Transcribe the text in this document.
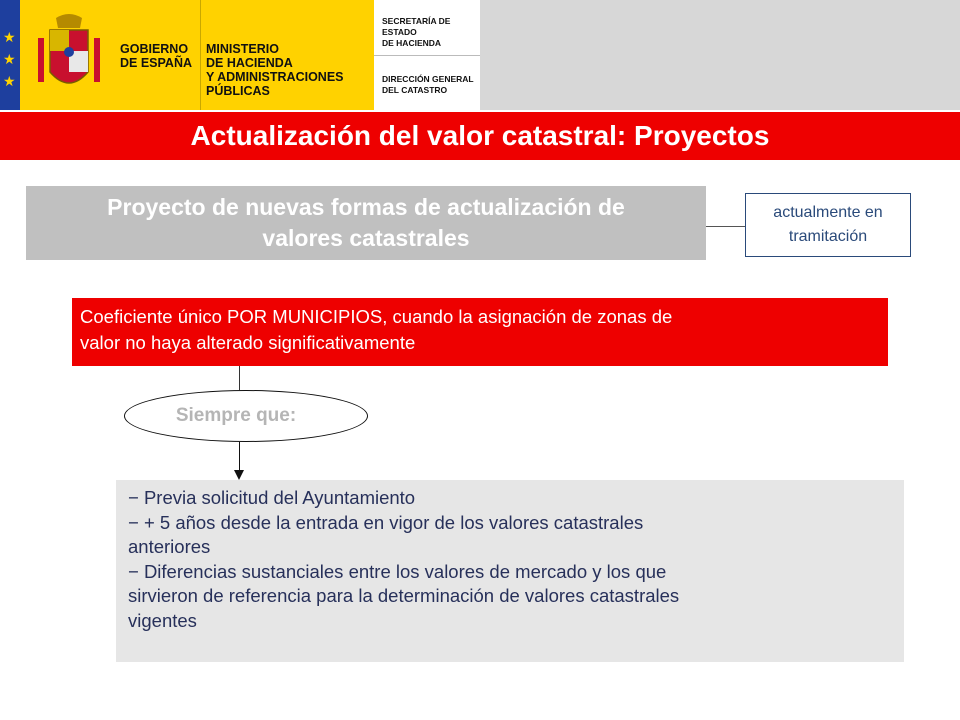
★
★
★
GOBIERNO
DE ESPAÑA
MINISTERIO
DE HACIENDA
Y ADMINISTRACIONES PÚBLICAS
SECRETARÍA DE ESTADO
DE HACIENDA
DIRECCIÓN GENERAL
DEL CATASTRO
Actualización del valor catastral: Proyectos
Proyecto de nuevas formas de actualización de
valores catastrales
actualmente en
tramitación
Coeficiente único POR MUNICIPIOS, cuando la asignación de zonas de
valor no haya alterado significativamente
Siempre que:

− Previa solicitud del Ayuntamiento

− + 5 años desde la entrada en vigor de los valores catastrales

anteriores

− Diferencias sustanciales entre los valores de mercado y los que

sirvieron de referencia para la determinación de valores catastrales

vigentes
